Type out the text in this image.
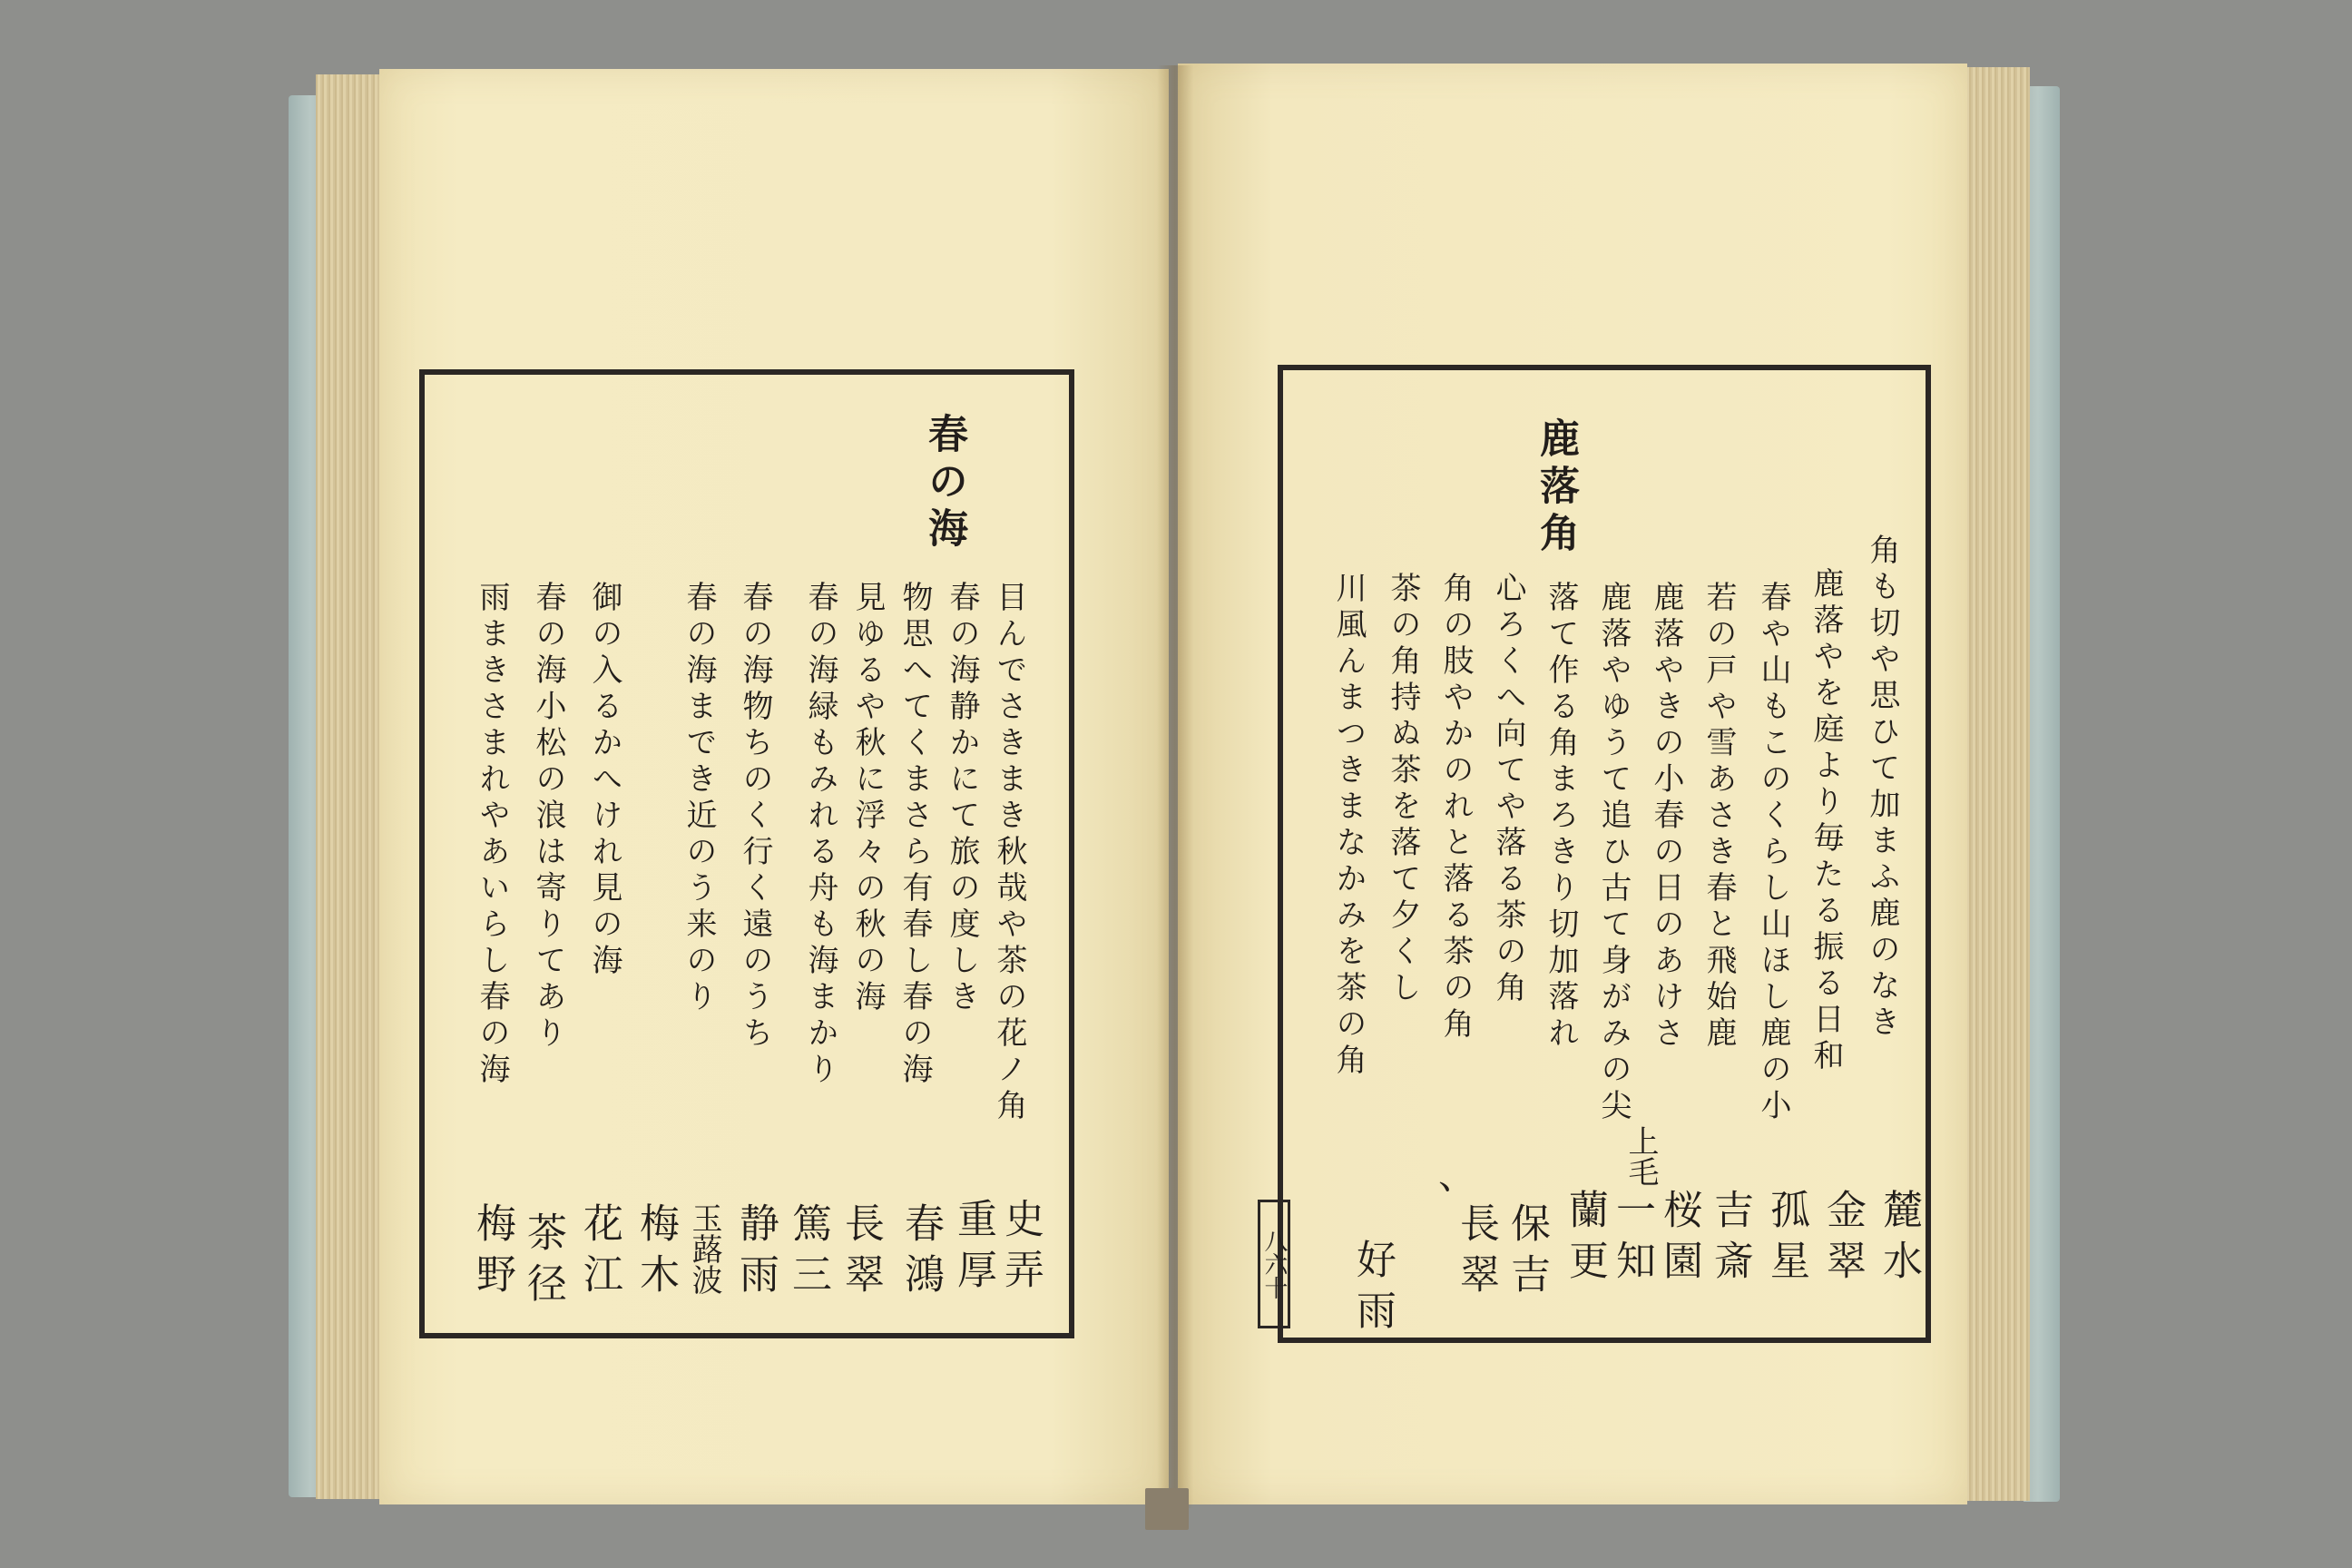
春の海
目んでさきまき秋哉や茶の花ノ角
春の海静かにて旅の度しき
物思へてくまさら有春し春の海
見ゆるや秋に浮々の秋の海
春の海緑もみれる舟も海まかり
春の海物ちのく行く遠のうち
春の海までき近のう来のり
御の入るかへけれ見の海
春の海小松の浪は寄りてあり
雨まきさまれやあいらし春の海
史弄
重厚
春鴻
長翠
篤三
静雨
玉蕗波
梅木
花江
茶径
梅野
鹿落角
角も切や思ひて加まふ鹿のなき
鹿落やを庭より毎たる振る日和
春や山もこのくらし山ほし鹿の小
若の戸や雪あさき春と飛始鹿
鹿落やきの小春の日のあけさ
鹿落やゆうて追ひ古て身がみの尖
落て作る角まろきり切加落れ
心ろくへ向てや落る茶の角
角の肢やかのれと落る茶の角
茶の角持ぬ茶を落て夕くし
川風んまつきまなかみを茶の角
上毛
麓水
金翠
孤星
吉斎
桜園
一知
蘭更
保吉
長翠
、
好雨
八六十
